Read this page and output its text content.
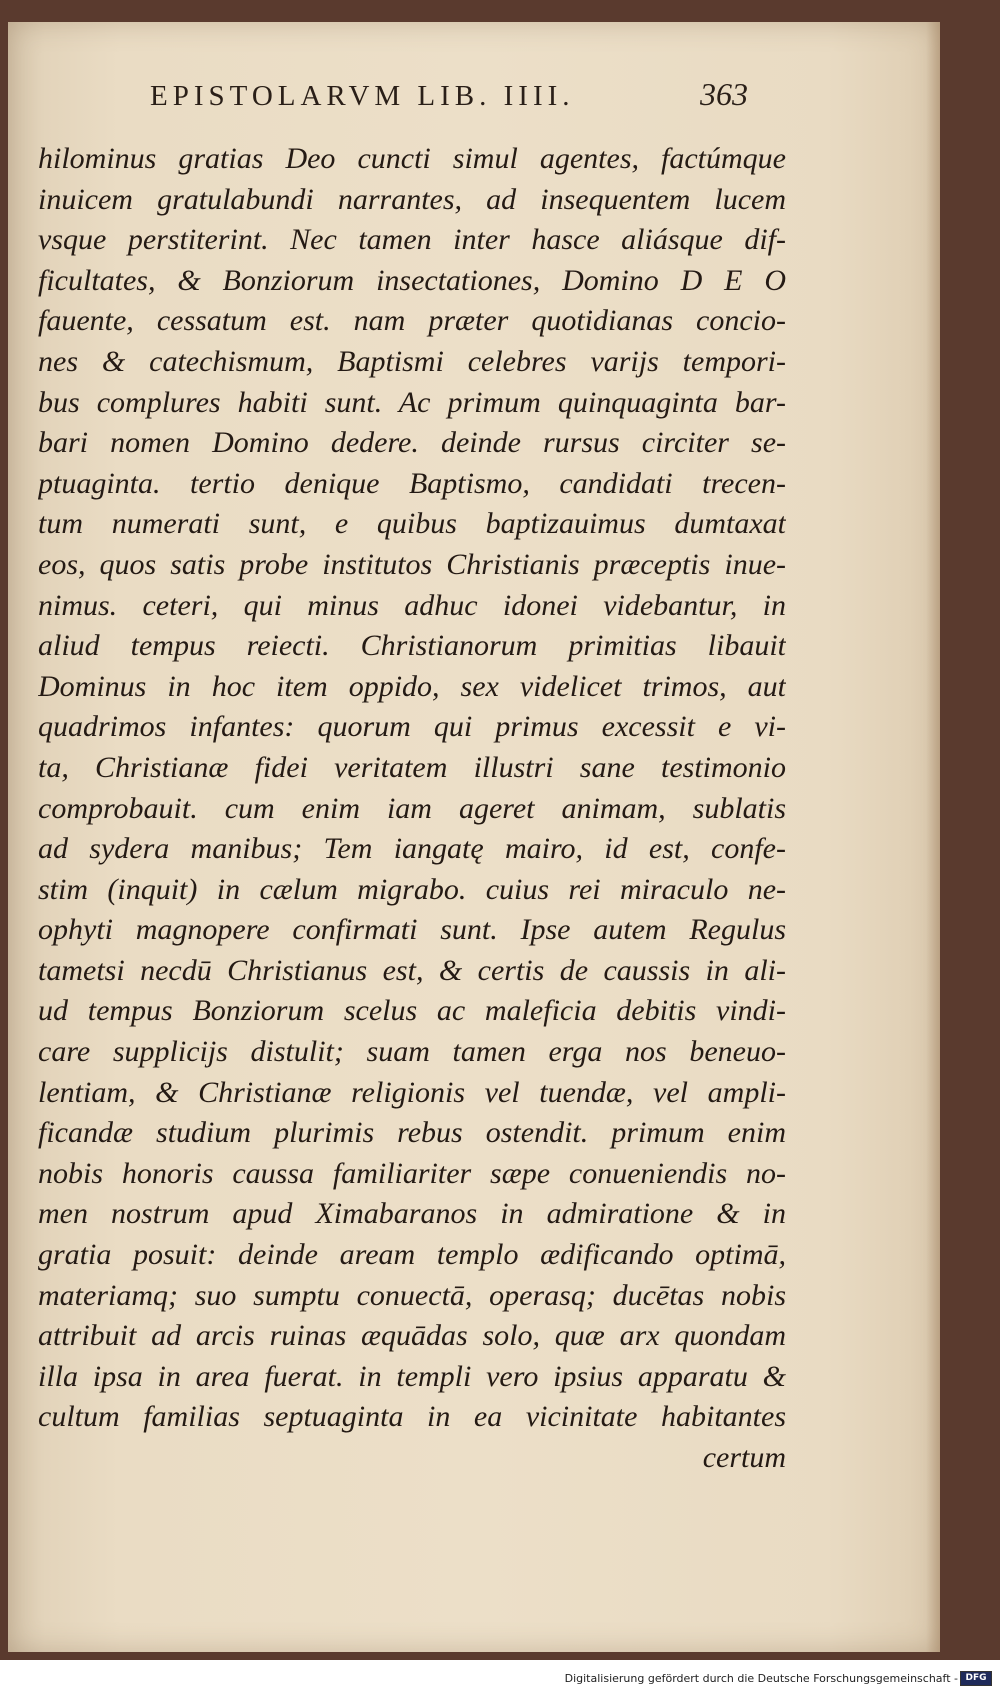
EPISTOLARVM LIB. IIII.	363
hilominus gratias Deo cuncti simul agentes, factúmque
inuicem gratulabundi narrantes, ad insequentem lucem
vsque perstiterint. Nec tamen inter hasce aliásque dif-
ficultates, & Bonziorum insectationes, Domino D E O
fauente, cessatum est. nam præter quotidianas concio-
nes & catechismum, Baptismi celebres varijs tempori-
bus complures habiti sunt. Ac primum quinquaginta bar-
bari nomen Domino dedere. deinde rursus circiter se-
ptuaginta. tertio denique Baptismo, candidati trecen-
tum numerati sunt, e quibus baptizauimus dumtaxat
eos, quos satis probe institutos Christianis præceptis inue-
nimus. ceteri, qui minus adhuc idonei videbantur, in
aliud tempus reiecti. Christianorum primitias libauit
Dominus in hoc item oppido, sex videlicet trimos, aut
quadrimos infantes: quorum qui primus excessit e vi-
ta, Christianæ fidei veritatem illustri sane testimonio
comprobauit. cum enim iam ageret animam, sublatis
ad sydera manibus; Tem iangatę mairo, id est, confe-
stim (inquit) in cælum migrabo. cuius rei miraculo ne-
ophyti magnopere confirmati sunt. Ipse autem Regulus
tametsi necdū Christianus est, & certis de caussis in ali-
ud tempus Bonziorum scelus ac maleficia debitis vindi-
care supplicijs distulit; suam tamen erga nos beneuo-
lentiam, & Christianæ religionis vel tuendæ, vel ampli-
ficandæ studium plurimis rebus ostendit. primum enim
nobis honoris caussa familiariter sæpe conueniendis no-
men nostrum apud Ximabaranos in admiratione & in
gratia posuit: deinde aream templo ædificando optimā,
materiamq; suo sumptu conuectā, operasq; ducētas nobis
attribuit ad arcis ruinas æquādas solo, quæ arx quondam
illa ipsa in area fuerat. in templi vero ipsius apparatu &
cultum familias septuaginta in ea vicinitate habitantes
certum
Digitalisierung gefördert durch die Deutsche Forschungsgemeinschaft - DFG
